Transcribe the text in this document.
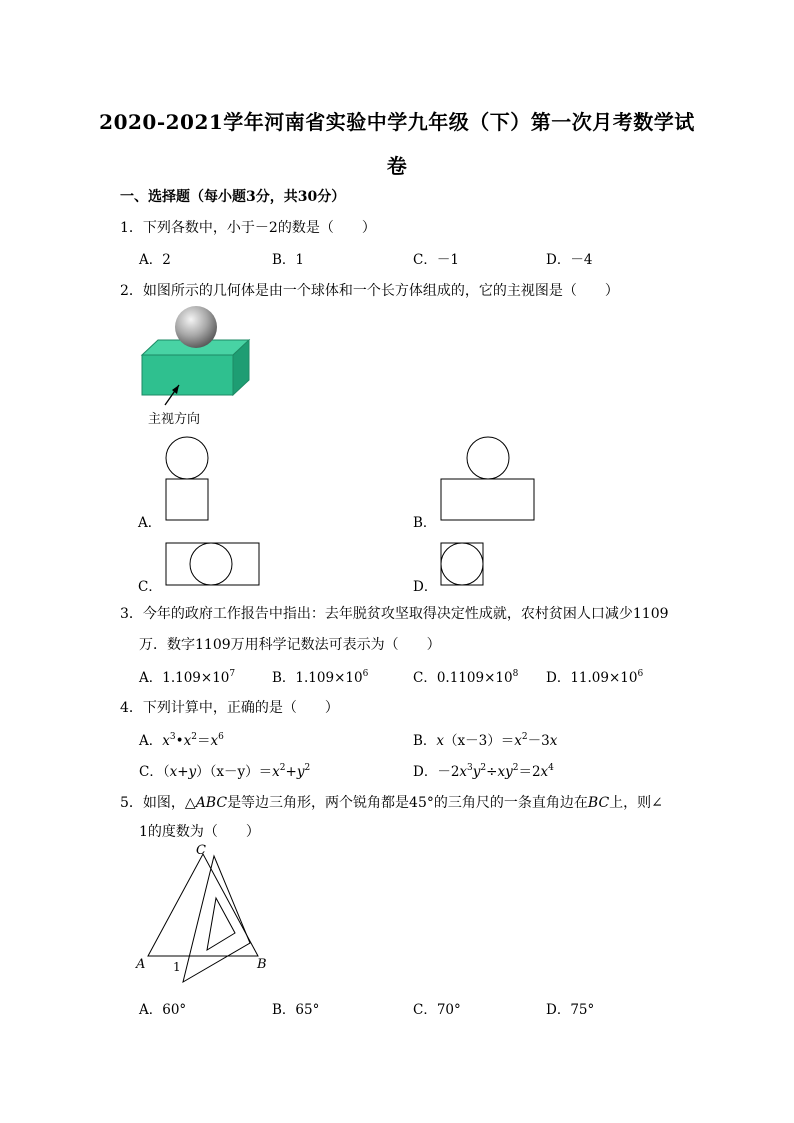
2020-2021学年河南省实验中学九年级（下）第一次月考数学试
卷
一、选择题（每小题3分，共30分）
1．下列各数中，小于－2的数是（　　）
A．2	B．1	C．－1	D．－4
2．如图所示的几何体是由一个球体和一个长方体组成的，它的主视图是（　　）
主视方向
A．	B．
C．	D．
3．今年的政府工作报告中指出：去年脱贫攻坚取得决定性成就，农村贫困人口减少1109
万．数字1109万用科学记数法可表示为（　　）
A．$1.109\times 10^7$	B．$1.109\times 10^6$	C．$0.1109\times 10^8$ D．$11.09\times 10^6$
4．下列计算中，正确的是（　　）
A．$x^3•x^2=x^6$	B．$x(x-3)=x^2-3x$
C．$(x+y)(x-y)=x^2+y^2$	D．$-2x^3y^2\div xy^2=2x^4$
5．如图，△ABC是等边三角形，两个锐角都是45°的三角尺的一条直角边在BC上，则∠
1的度数为（　　）
C
A	B
1
A．60°	B．65°	C．70°	D．75°
